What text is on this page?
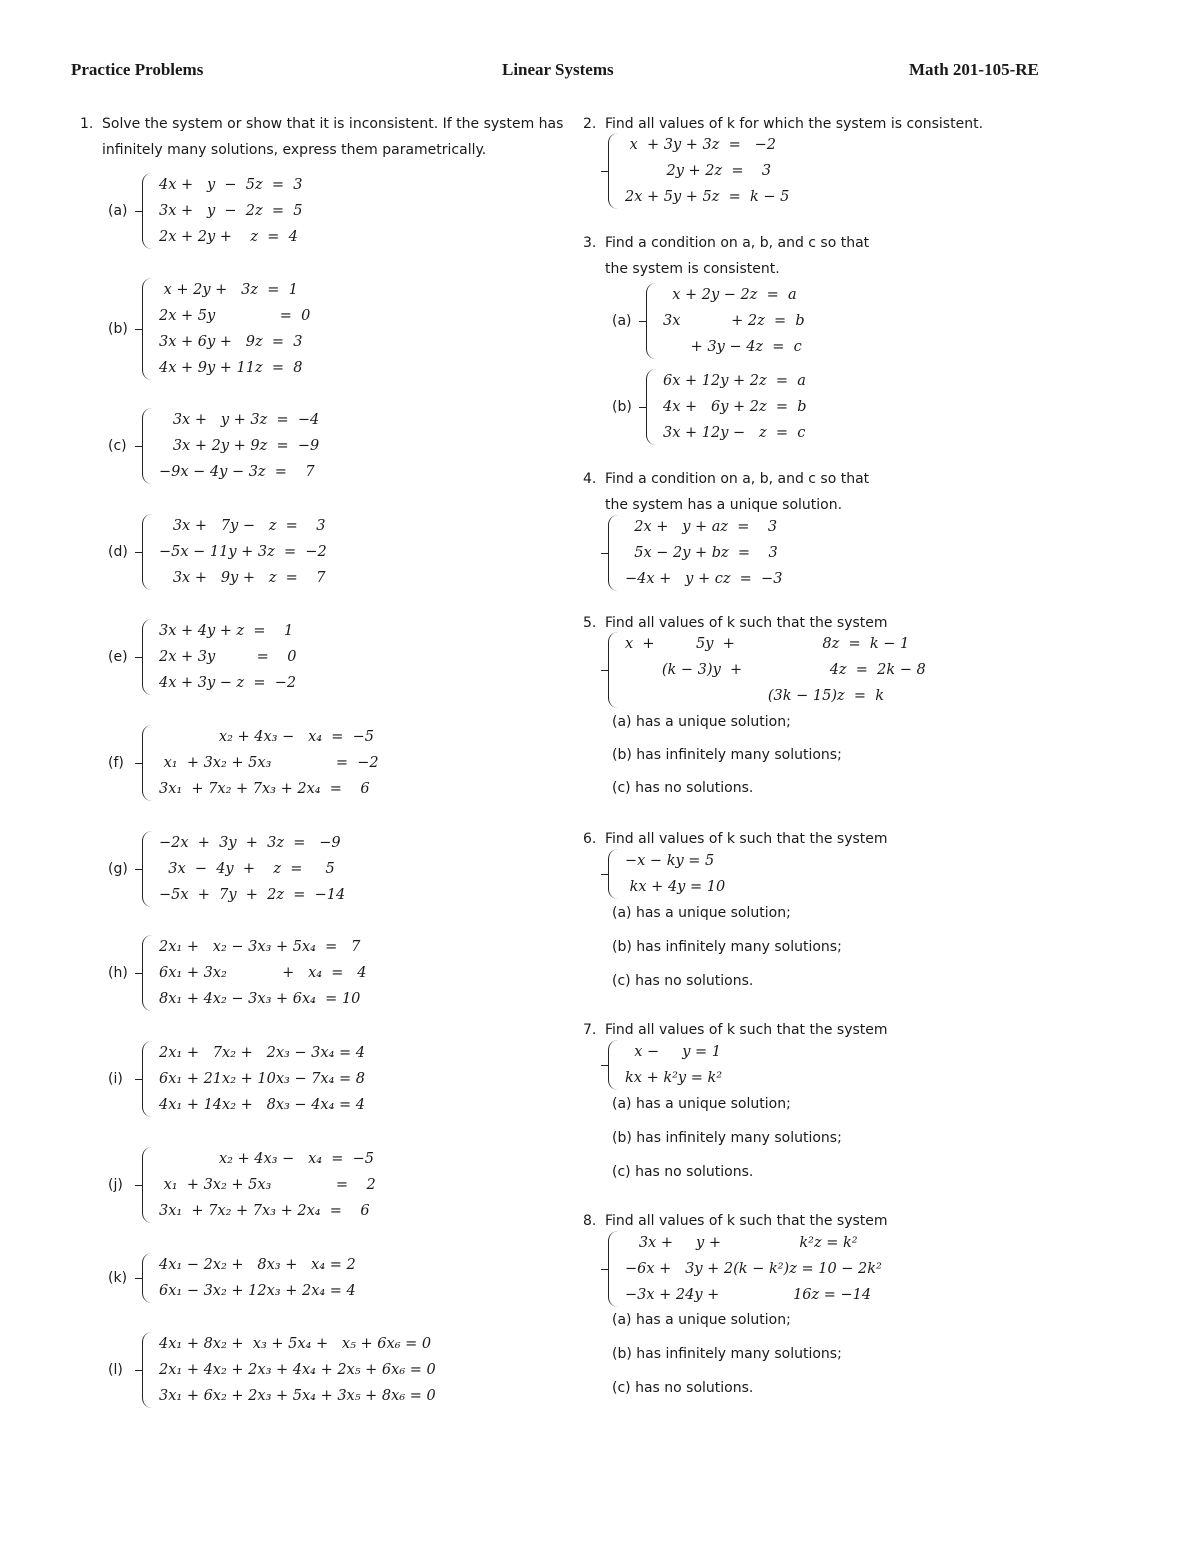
Practice Problems	Linear Systems	Math 201-105-RE
1. Solve the system or show that it is inconsistent. If the system has
infinitely many solutions, express them parametrically.
(a)
4x +   y  −  5z  =  3
3x +   y  −  2z  =  5
2x + 2y +    z  =  4
(b)
x + 2y +   3z  =  1
2x + 5y              =  0
3x + 6y +   9z  =  3
4x + 9y + 11z  =  8
(c)
3x +   y + 3z  =  −4
3x + 2y + 9z  =  −9
−9x − 4y − 3z  =    7
(d)
3x +   7y −   z  =    3
−5x − 11y + 3z  =  −2
3x +   9y +   z  =    7
(e)
3x + 4y + z  =    1
2x + 3y         =    0
4x + 3y − z  =  −2
(f)
x₂ + 4x₃ −   x₄  =  −5
x₁  + 3x₂ + 5x₃              =  −2
3x₁  + 7x₂ + 7x₃ + 2x₄  =    6
(g)
−2x  +  3y  +  3z  =   −9
3x  −  4y  +    z  =     5
−5x  +  7y  +  2z  =  −14
(h)
2x₁ +   x₂ − 3x₃ + 5x₄  =   7
6x₁ + 3x₂            +   x₄  =   4
8x₁ + 4x₂ − 3x₃ + 6x₄  = 10
(i)
2x₁ +   7x₂ +   2x₃ − 3x₄ = 4
6x₁ + 21x₂ + 10x₃ − 7x₄ = 8
4x₁ + 14x₂ +   8x₃ − 4x₄ = 4
(j)
x₂ + 4x₃ −   x₄  =  −5
x₁  + 3x₂ + 5x₃              =    2
3x₁  + 7x₂ + 7x₃ + 2x₄  =    6
(k)
4x₁ − 2x₂ +   8x₃ +   x₄ = 2
6x₁ − 3x₂ + 12x₃ + 2x₄ = 4
(l)
4x₁ + 8x₂ +  x₃ + 5x₄ +   x₅ + 6x₆ = 0
2x₁ + 4x₂ + 2x₃ + 4x₄ + 2x₅ + 6x₆ = 0
3x₁ + 6x₂ + 2x₃ + 5x₄ + 3x₅ + 8x₆ = 0
2. Find all values of k for which the system is consistent.
x  + 3y + 3z  =   −2
2y + 2z  =    3
2x + 5y + 5z  =  k − 5
3. Find a condition on a, b, and c so that
the system is consistent.
(a)
x + 2y − 2z  =  a
3x           + 2z  =  b
+ 3y − 4z  =  c
(b)
6x + 12y + 2z  =  a
4x +   6y + 2z  =  b
3x + 12y −   z  =  c
4. Find a condition on a, b, and c so that
the system has a unique solution.
2x +   y + az  =    3
5x − 2y + bz  =    3
−4x +   y + cz  =  −3
5. Find all values of k such that the system
x  +         5y  +                   8z  =  k − 1
(k − 3)y  +                   4z  =  2k − 8
(3k − 15)z  =  k
(a) has a unique solution;
(b) has infinitely many solutions;
(c) has no solutions.
6. Find all values of k such that the system
−x − ky = 5
kx + 4y = 10
(a) has a unique solution;
(b) has infinitely many solutions;
(c) has no solutions.
7. Find all values of k such that the system
x −     y = 1
kx + k²y = k²
(a) has a unique solution;
(b) has infinitely many solutions;
(c) has no solutions.
8. Find all values of k such that the system
3x +     y +                 k²z = k²
−6x +   3y + 2(k − k²)z = 10 − 2k²
−3x + 24y +                16z = −14
(a) has a unique solution;
(b) has infinitely many solutions;
(c) has no solutions.
